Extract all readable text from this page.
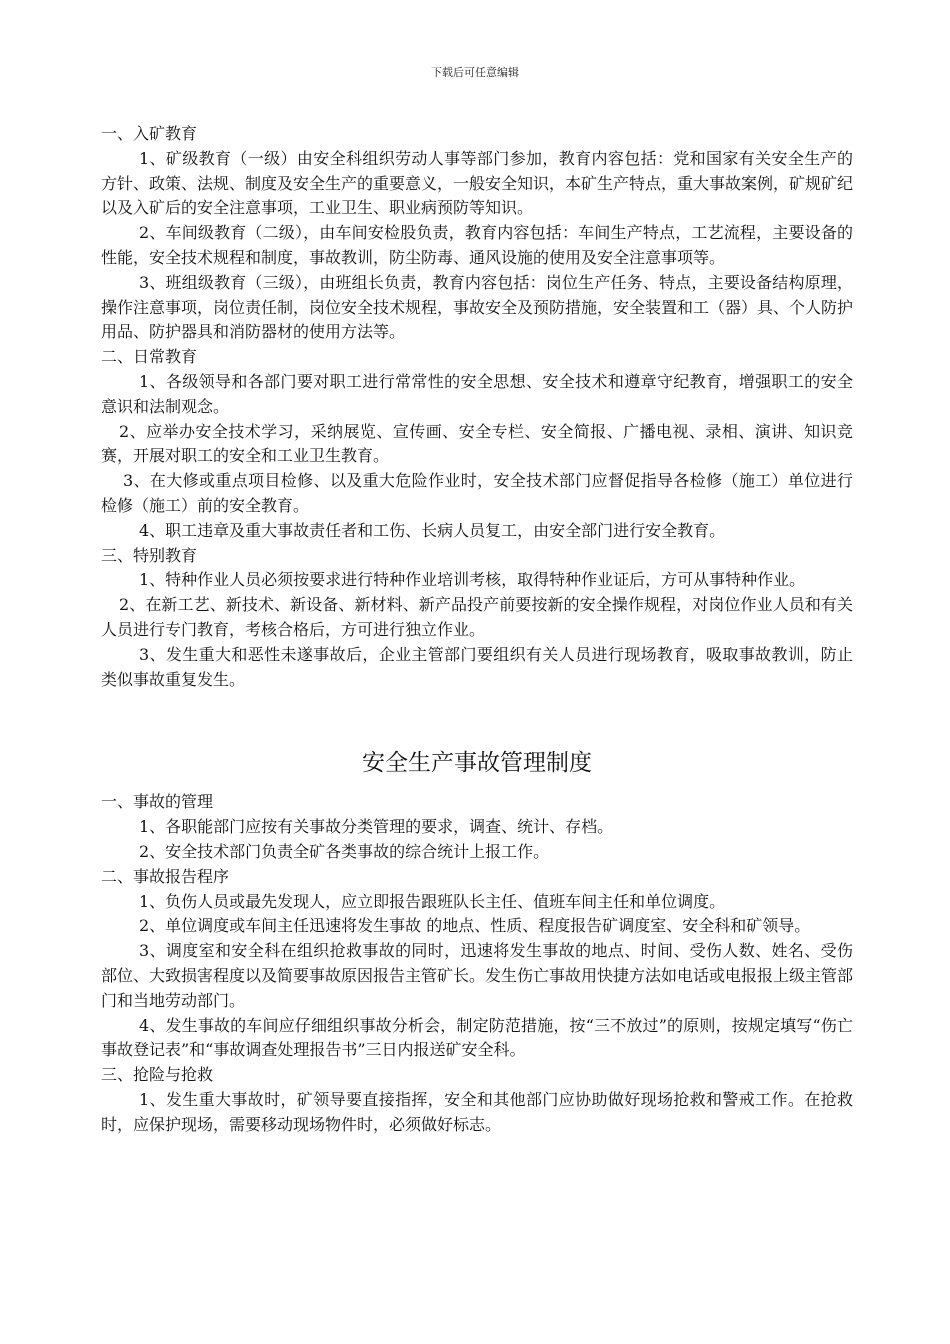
下载后可任意编辑

一、入矿教育

1、矿级教育（一级）由安全科组织劳动人事等部门参加，教育内容包括：党和国家有关安全生产的方针、政策、法规、制度及安全生产的重要意义，一般安全知识，本矿生产特点，重大事故案例，矿规矿纪以及入矿后的安全注意事项，工业卫生、职业病预防等知识。

2、车间级教育（二级），由车间安检股负责，教育内容包括：车间生产特点，工艺流程，主要设备的性能，安全技术规程和制度，事故教训，防尘防毒、通风设施的使用及安全注意事项等。

3、班组级教育（三级），由班组长负责，教育内容包括：岗位生产任务、特点，主要设备结构原理，操作注意事项，岗位责任制，岗位安全技术规程，事故安全及预防措施，安全装置和工（器）具、个人防护用品、防护器具和消防器材的使用方法等。

二、日常教育

1、各级领导和各部门要对职工进行常常性的安全思想、安全技术和遵章守纪教育，增强职工的安全意识和法制观念。

2、应举办安全技术学习，采纳展览、宣传画、安全专栏、安全简报、广播电视、录相、演讲、知识竞赛，开展对职工的安全和工业卫生教育。

3、在大修或重点项目检修、以及重大危险作业时，安全技术部门应督促指导各检修（施工）单位进行检修（施工）前的安全教育。

4、职工违章及重大事故责任者和工伤、长病人员复工，由安全部门进行安全教育。

三、特别教育

1、特种作业人员必须按要求进行特种作业培训考核，取得特种作业证后，方可从事特种作业。

2、在新工艺、新技术、新设备、新材料、新产品投产前要按新的安全操作规程，对岗位作业人员和有关人员进行专门教育，考核合格后，方可进行独立作业。

3、发生重大和恶性未遂事故后，企业主管部门要组织有关人员进行现场教育，吸取事故教训，防止类似事故重复发生。

安全生产事故管理制度

一、事故的管理

1、各职能部门应按有关事故分类管理的要求，调查、统计、存档。

2、安全技术部门负责全矿各类事故的综合统计上报工作。

二、事故报告程序

1、负伤人员或最先发现人，应立即报告跟班队长主任、值班车间主任和单位调度。

2、单位调度或车间主任迅速将发生事故 的地点、性质、程度报告矿调度室、安全科和矿领导。

3、调度室和安全科在组织抢救事故的同时，迅速将发生事故的地点、时间、受伤人数、姓名、受伤部位、大致损害程度以及简要事故原因报告主管矿长。发生伤亡事故用快捷方法如电话或电报报上级主管部门和当地劳动部门。

4、发生事故的车间应仔细组织事故分析会，制定防范措施，按“三不放过”的原则，按规定填写“伤亡事故登记表”和“事故调查处理报告书”三日内报送矿安全科。

三、抢险与抢救

1、发生重大事故时，矿领导要直接指挥，安全和其他部门应协助做好现场抢救和警戒工作。在抢救时，应保护现场，需要移动现场物件时，必须做好标志。
